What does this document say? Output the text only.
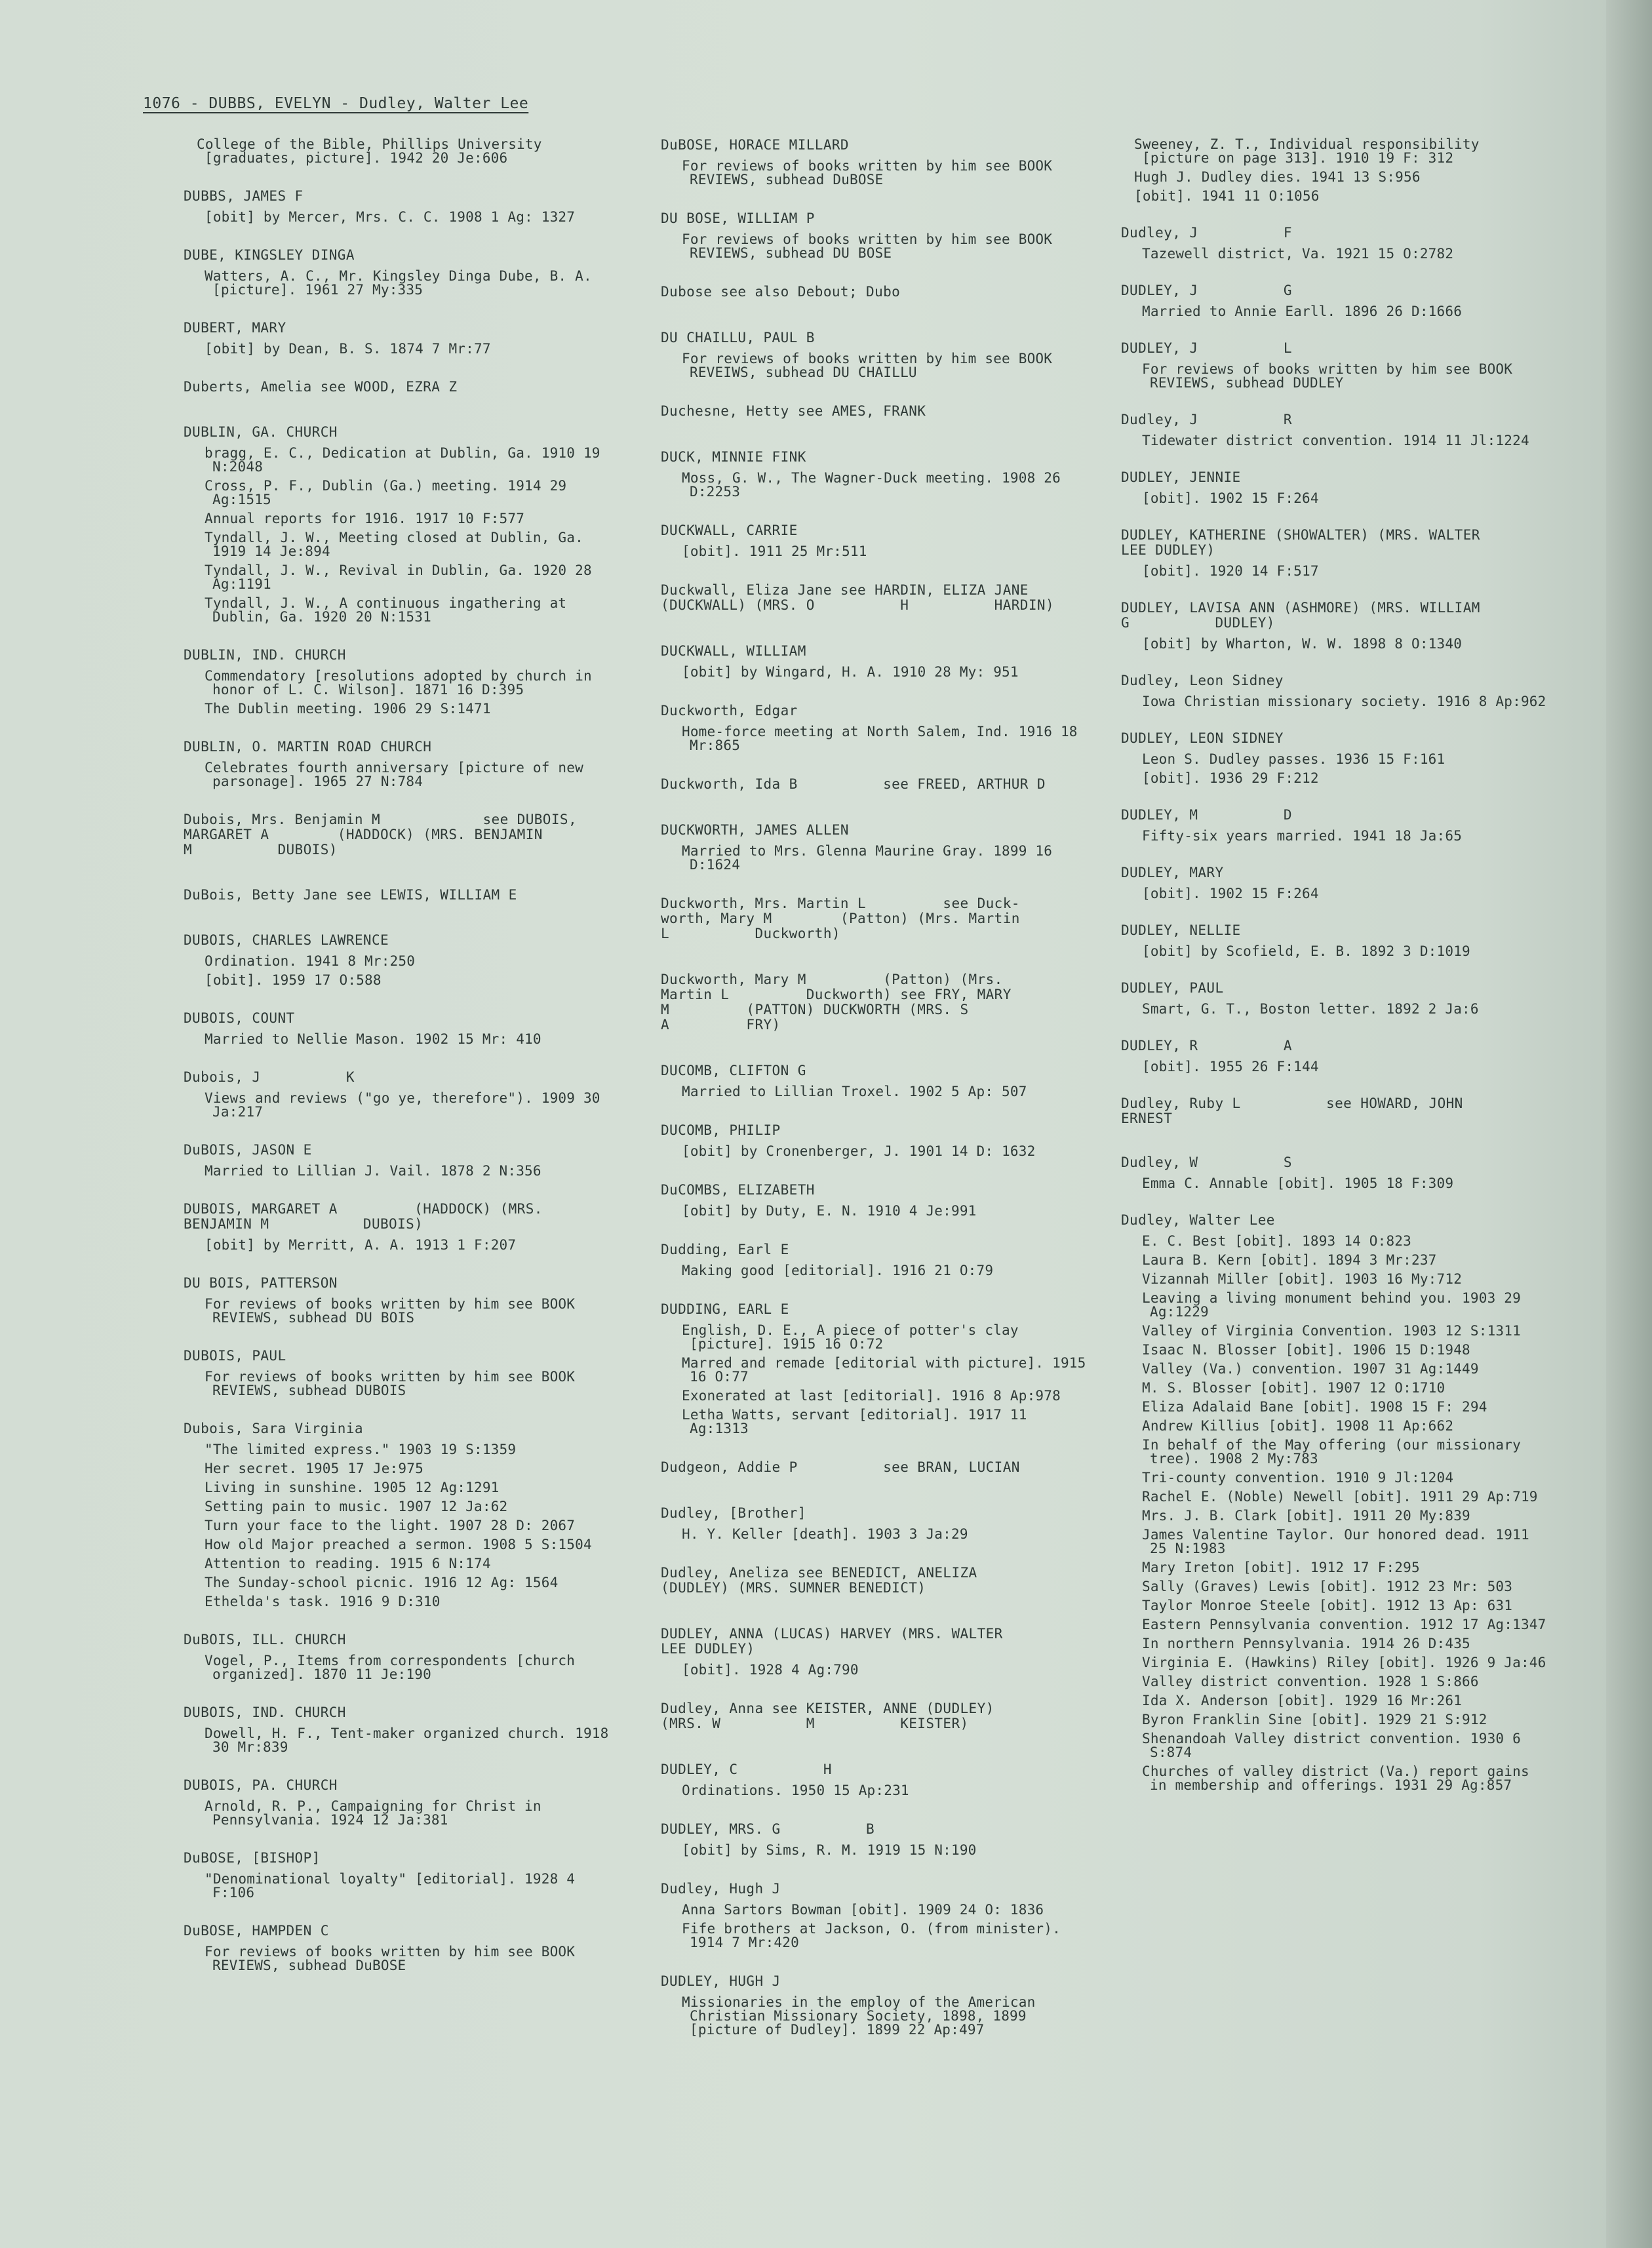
1076 - DUBBS, EVELYN - Dudley, Walter Lee
College of the Bible, Phillips University [graduates, picture]. 1942 20 Je:606
DUBBS, JAMES F
[obit] by Mercer, Mrs. C. C. 1908 1 Ag: 1327
DUBE, KINGSLEY DINGA
Watters, A. C., Mr. Kingsley Dinga Dube, B. A. [picture]. 1961 27 My:335
DUBERT, MARY
[obit] by Dean, B. S. 1874 7 Mr:77
Duberts, Amelia see WOOD, EZRA Z
DUBLIN, GA. CHURCH
bragg, E. C., Dedication at Dublin, Ga. 1910 19 N:2048
Cross, P. F., Dublin (Ga.) meeting. 1914 29 Ag:1515
Annual reports for 1916. 1917 10 F:577
Tyndall, J. W., Meeting closed at Dublin, Ga. 1919 14 Je:894
Tyndall, J. W., Revival in Dublin, Ga. 1920 28 Ag:1191
Tyndall, J. W., A continuous ingathering at Dublin, Ga. 1920 20 N:1531
DUBLIN, IND. CHURCH
Commendatory [resolutions adopted by church in honor of L. C. Wilson]. 1871 16 D:395
The Dublin meeting. 1906 29 S:1471
DUBLIN, O. MARTIN ROAD CHURCH
Celebrates fourth anniversary [picture of new parsonage]. 1965 27 N:784
Dubois, Mrs. Benjamin M            see DUBOIS,
MARGARET A        (HADDOCK) (MRS. BENJAMIN
M          DUBOIS)
DuBois, Betty Jane see LEWIS, WILLIAM E
DUBOIS, CHARLES LAWRENCE
Ordination. 1941 8 Mr:250
[obit]. 1959 17 O:588
DUBOIS, COUNT
Married to Nellie Mason. 1902 15 Mr: 410
Dubois, J          K
Views and reviews ("go ye, therefore"). 1909 30 Ja:217
DuBOIS, JASON E
Married to Lillian J. Vail. 1878 2 N:356
DUBOIS, MARGARET A         (HADDOCK) (MRS.
BENJAMIN M           DUBOIS)
[obit] by Merritt, A. A. 1913 1 F:207
DU BOIS, PATTERSON
For reviews of books written by him see BOOK REVIEWS, subhead DU BOIS
DUBOIS, PAUL
For reviews of books written by him see BOOK REVIEWS, subhead DUBOIS
Dubois, Sara Virginia
"The limited express." 1903 19 S:1359
Her secret. 1905 17 Je:975
Living in sunshine. 1905 12 Ag:1291
Setting pain to music. 1907 12 Ja:62
Turn your face to the light. 1907 28 D: 2067
How old Major preached a sermon. 1908 5 S:1504
Attention to reading. 1915 6 N:174
The Sunday-school picnic. 1916 12 Ag: 1564
Ethelda's task. 1916 9 D:310
DuBOIS, ILL. CHURCH
Vogel, P., Items from correspondents [church organized]. 1870 11 Je:190
DUBOIS, IND. CHURCH
Dowell, H. F., Tent-maker organized church. 1918 30 Mr:839
DUBOIS, PA. CHURCH
Arnold, R. P., Campaigning for Christ in Pennsylvania. 1924 12 Ja:381
DuBOSE, [BISHOP]
"Denominational loyalty" [editorial]. 1928 4 F:106
DuBOSE, HAMPDEN C
For reviews of books written by him see BOOK REVIEWS, subhead DuBOSE
DuBOSE, HORACE MILLARD
For reviews of books written by him see BOOK REVIEWS, subhead DuBOSE
DU BOSE, WILLIAM P
For reviews of books written by him see BOOK REVIEWS, subhead DU BOSE
Dubose see also Debout; Dubo
DU CHAILLU, PAUL B
For reviews of books written by him see BOOK REVEIWS, subhead DU CHAILLU
Duchesne, Hetty see AMES, FRANK
DUCK, MINNIE FINK
Moss, G. W., The Wagner-Duck meeting. 1908 26 D:2253
DUCKWALL, CARRIE
[obit]. 1911 25 Mr:511
Duckwall, Eliza Jane see HARDIN, ELIZA JANE
(DUCKWALL) (MRS. O          H          HARDIN)
DUCKWALL, WILLIAM
[obit] by Wingard, H. A. 1910 28 My: 951
Duckworth, Edgar
Home-force meeting at North Salem, Ind. 1916 18 Mr:865
Duckworth, Ida B          see FREED, ARTHUR D
DUCKWORTH, JAMES ALLEN
Married to Mrs. Glenna Maurine Gray. 1899 16 D:1624
Duckworth, Mrs. Martin L         see Duck-
worth, Mary M        (Patton) (Mrs. Martin
L          Duckworth)
Duckworth, Mary M         (Patton) (Mrs.
Martin L         Duckworth) see FRY, MARY
M         (PATTON) DUCKWORTH (MRS. S
A         FRY)
DUCOMB, CLIFTON G
Married to Lillian Troxel. 1902 5 Ap: 507
DUCOMB, PHILIP
[obit] by Cronenberger, J. 1901 14 D: 1632
DuCOMBS, ELIZABETH
[obit] by Duty, E. N. 1910 4 Je:991
Dudding, Earl E
Making good [editorial]. 1916 21 O:79
DUDDING, EARL E
English, D. E., A piece of potter's clay [picture]. 1915 16 O:72
Marred and remade [editorial with picture]. 1915 16 O:77
Exonerated at last [editorial]. 1916 8 Ap:978
Letha Watts, servant [editorial]. 1917 11 Ag:1313
Dudgeon, Addie P          see BRAN, LUCIAN
Dudley, [Brother]
H. Y. Keller [death]. 1903 3 Ja:29
Dudley, Aneliza see BENEDICT, ANELIZA
(DUDLEY) (MRS. SUMNER BENEDICT)
DUDLEY, ANNA (LUCAS) HARVEY (MRS. WALTER
LEE DUDLEY)
[obit]. 1928 4 Ag:790
Dudley, Anna see KEISTER, ANNE (DUDLEY)
(MRS. W          M          KEISTER)
DUDLEY, C          H
Ordinations. 1950 15 Ap:231
DUDLEY, MRS. G          B
[obit] by Sims, R. M. 1919 15 N:190
Dudley, Hugh J
Anna Sartors Bowman [obit]. 1909 24 O: 1836
Fife brothers at Jackson, O. (from minister). 1914 7 Mr:420
DUDLEY, HUGH J
Missionaries in the employ of the American Christian Missionary Society, 1898, 1899 [picture of Dudley]. 1899 22 Ap:497
Sweeney, Z. T., Individual responsibility [picture on page 313]. 1910 19 F: 312
Hugh J. Dudley dies. 1941 13 S:956
[obit]. 1941 11 O:1056
Dudley, J          F
Tazewell district, Va. 1921 15 O:2782
DUDLEY, J          G
Married to Annie Earll. 1896 26 D:1666
DUDLEY, J          L
For reviews of books written by him see BOOK REVIEWS, subhead DUDLEY
Dudley, J          R
Tidewater district convention. 1914 11 Jl:1224
DUDLEY, JENNIE
[obit]. 1902 15 F:264
DUDLEY, KATHERINE (SHOWALTER) (MRS. WALTER
LEE DUDLEY)
[obit]. 1920 14 F:517
DUDLEY, LAVISA ANN (ASHMORE) (MRS. WILLIAM
G          DUDLEY)
[obit] by Wharton, W. W. 1898 8 O:1340
Dudley, Leon Sidney
Iowa Christian missionary society. 1916 8 Ap:962
DUDLEY, LEON SIDNEY
Leon S. Dudley passes. 1936 15 F:161
[obit]. 1936 29 F:212
DUDLEY, M          D
Fifty-six years married. 1941 18 Ja:65
DUDLEY, MARY
[obit]. 1902 15 F:264
DUDLEY, NELLIE
[obit] by Scofield, E. B. 1892 3 D:1019
DUDLEY, PAUL
Smart, G. T., Boston letter. 1892 2 Ja:6
DUDLEY, R          A
[obit]. 1955 26 F:144
Dudley, Ruby L          see HOWARD, JOHN
ERNEST
Dudley, W          S
Emma C. Annable [obit]. 1905 18 F:309
Dudley, Walter Lee
E. C. Best [obit]. 1893 14 O:823
Laura B. Kern [obit]. 1894 3 Mr:237
Vizannah Miller [obit]. 1903 16 My:712
Leaving a living monument behind you. 1903 29 Ag:1229
Valley of Virginia Convention. 1903 12 S:1311
Isaac N. Blosser [obit]. 1906 15 D:1948
Valley (Va.) convention. 1907 31 Ag:1449
M. S. Blosser [obit]. 1907 12 O:1710
Eliza Adalaid Bane [obit]. 1908 15 F: 294
Andrew Killius [obit]. 1908 11 Ap:662
In behalf of the May offering (our missionary tree). 1908 2 My:783
Tri-county convention. 1910 9 Jl:1204
Rachel E. (Noble) Newell [obit]. 1911 29 Ap:719
Mrs. J. B. Clark [obit]. 1911 20 My:839
James Valentine Taylor. Our honored dead. 1911 25 N:1983
Mary Ireton [obit]. 1912 17 F:295
Sally (Graves) Lewis [obit]. 1912 23 Mr: 503
Taylor Monroe Steele [obit]. 1912 13 Ap: 631
Eastern Pennsylvania convention. 1912 17 Ag:1347
In northern Pennsylvania. 1914 26 D:435
Virginia E. (Hawkins) Riley [obit]. 1926 9 Ja:46
Valley district convention. 1928 1 S:866
Ida X. Anderson [obit]. 1929 16 Mr:261
Byron Franklin Sine [obit]. 1929 21 S:912
Shenandoah Valley district convention. 1930 6 S:874
Churches of valley district (Va.) report gains in membership and offerings. 1931 29 Ag:857
